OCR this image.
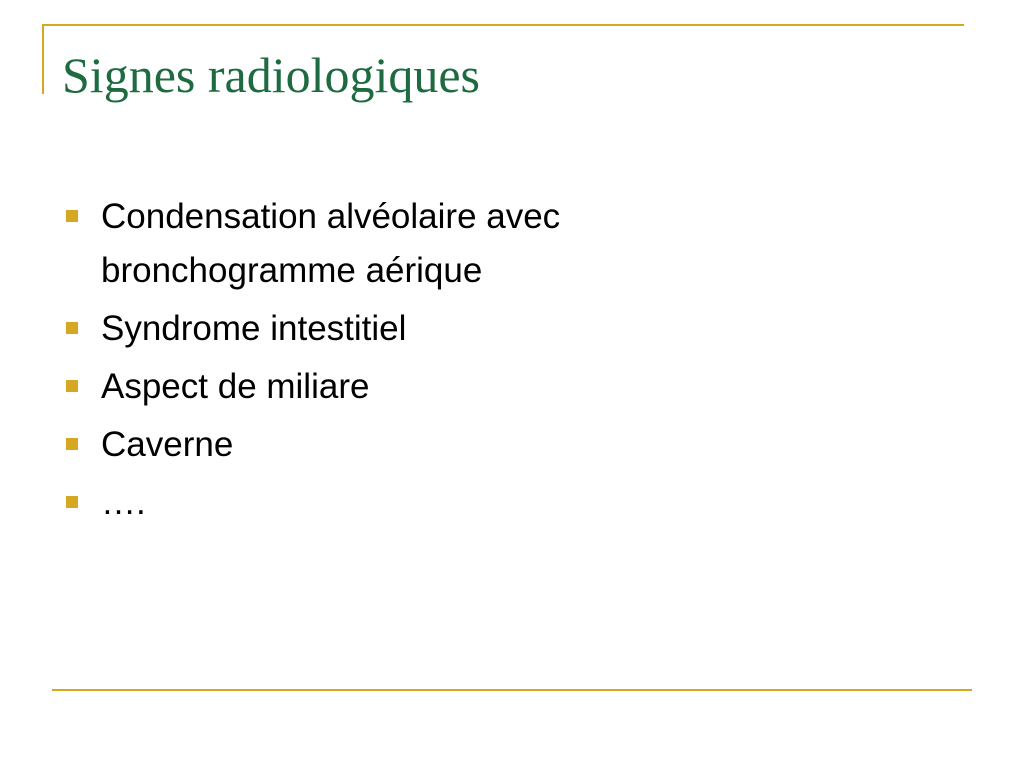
Signes radiologiques
Condensation alvéolaire avec bronchogramme aérique
Syndrome intestitiel
Aspect de miliare
Caverne
….
